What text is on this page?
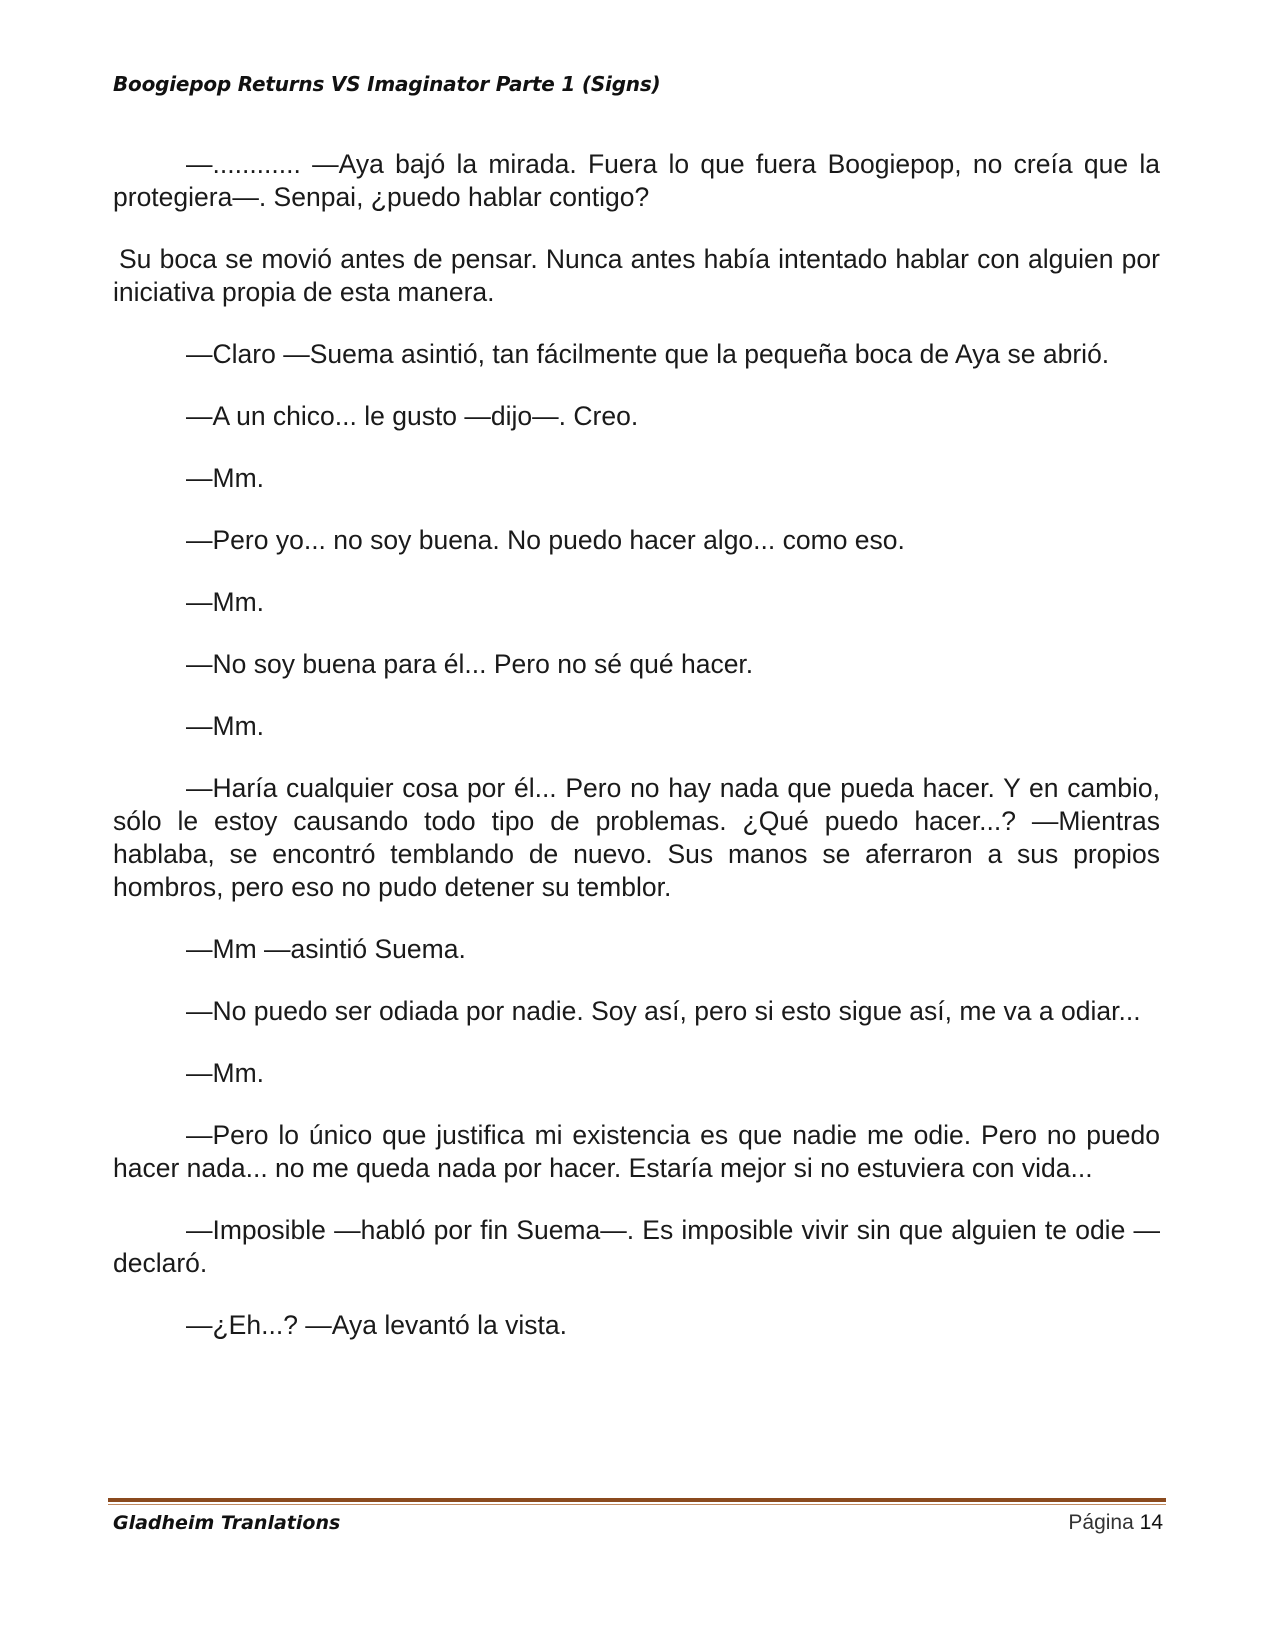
Boogiepop Returns VS Imaginator Parte 1 (Signs)

—............ —Aya bajó la mirada. Fuera lo que fuera Boogiepop, no creía que la protegiera—. Senpai, ¿puedo hablar contigo?

Su boca se movió antes de pensar. Nunca antes había intentado hablar con alguien por iniciativa propia de esta manera.

—Claro —Suema asintió, tan fácilmente que la pequeña boca de Aya se abrió.

—A un chico... le gusto —dijo—. Creo.

—Mm.

—Pero yo... no soy buena. No puedo hacer algo... como eso.

—Mm.

—No soy buena para él... Pero no sé qué hacer.

—Mm.

—Haría cualquier cosa por él... Pero no hay nada que pueda hacer. Y en cambio, sólo le estoy causando todo tipo de problemas. ¿Qué puedo hacer...? —Mientras hablaba, se encontró temblando de nuevo. Sus manos se aferraron a sus propios hombros, pero eso no pudo detener su temblor.

—Mm —asintió Suema.

—No puedo ser odiada por nadie. Soy así, pero si esto sigue así, me va a odiar...

—Mm.

—Pero lo único que justifica mi existencia es que nadie me odie. Pero no puedo hacer nada... no me queda nada por hacer. Estaría mejor si no estuviera con vida...

—Imposible —habló por fin Suema—. Es imposible vivir sin que alguien te odie —declaró.

—¿Eh...? —Aya levantó la vista.

Gladheim Tranlations	Página 14
